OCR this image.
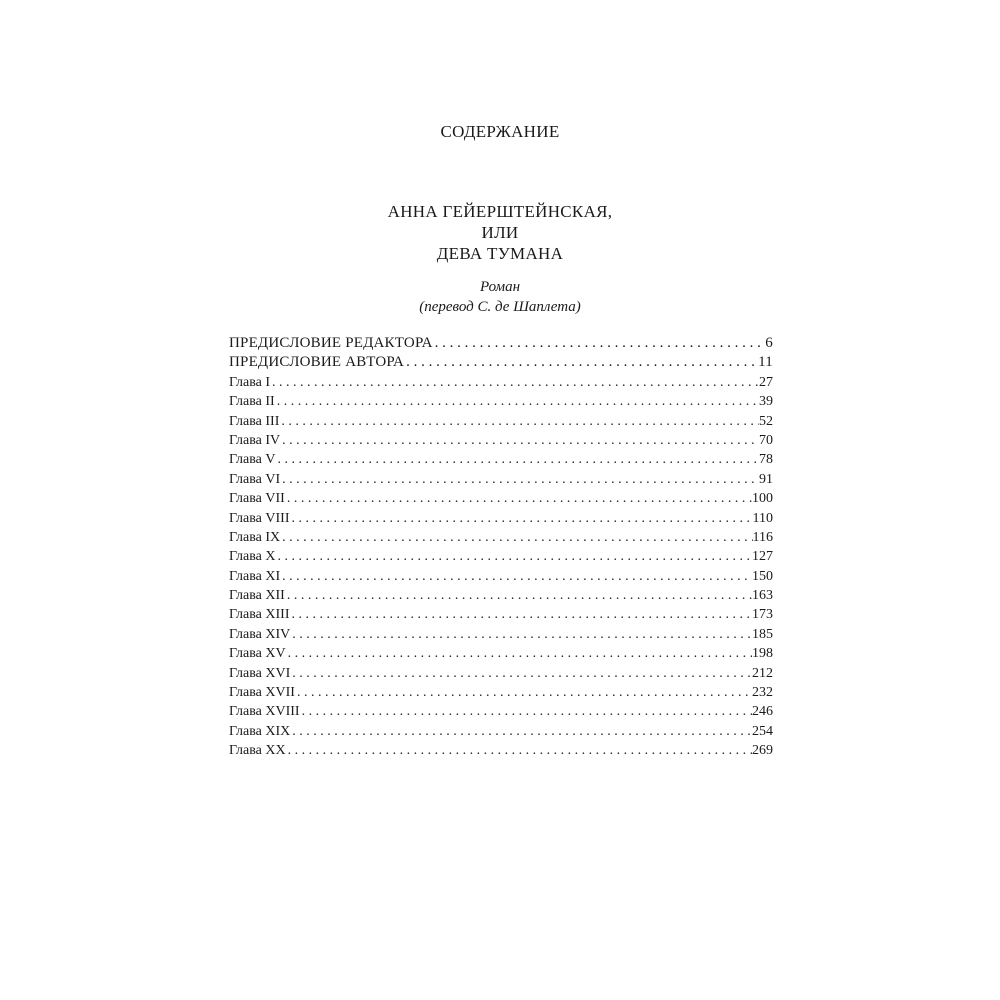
СОДЕРЖАНИЕ
АННА ГЕЙЕРШТЕЙНСКАЯ,
ИЛИ
ДЕВА ТУМАНА
Роман
(перевод С. де Шаплета)
ПРЕДИСЛОВИЕ РЕДАКТОРА . . .	6
ПРЕДИСЛОВИЕ АВТОРА . . .	11
Глава I . . .	27
Глава II . . .	39
Глава III . . .	52
Глава IV . . .	70
Глава V . . .	78
Глава VI . . .	91
Глава VII . . .	100
Глава VIII . . .	110
Глава IX . . .	116
Глава X . . .	127
Глава XI . . .	150
Глава XII . . .	163
Глава XIII . . .	173
Глава XIV . . .	185
Глава XV . . .	198
Глава XVI . . .	212
Глава XVII . . .	232
Глава XVIII . . .	246
Глава XIX . . .	254
Глава XX . . .	269
